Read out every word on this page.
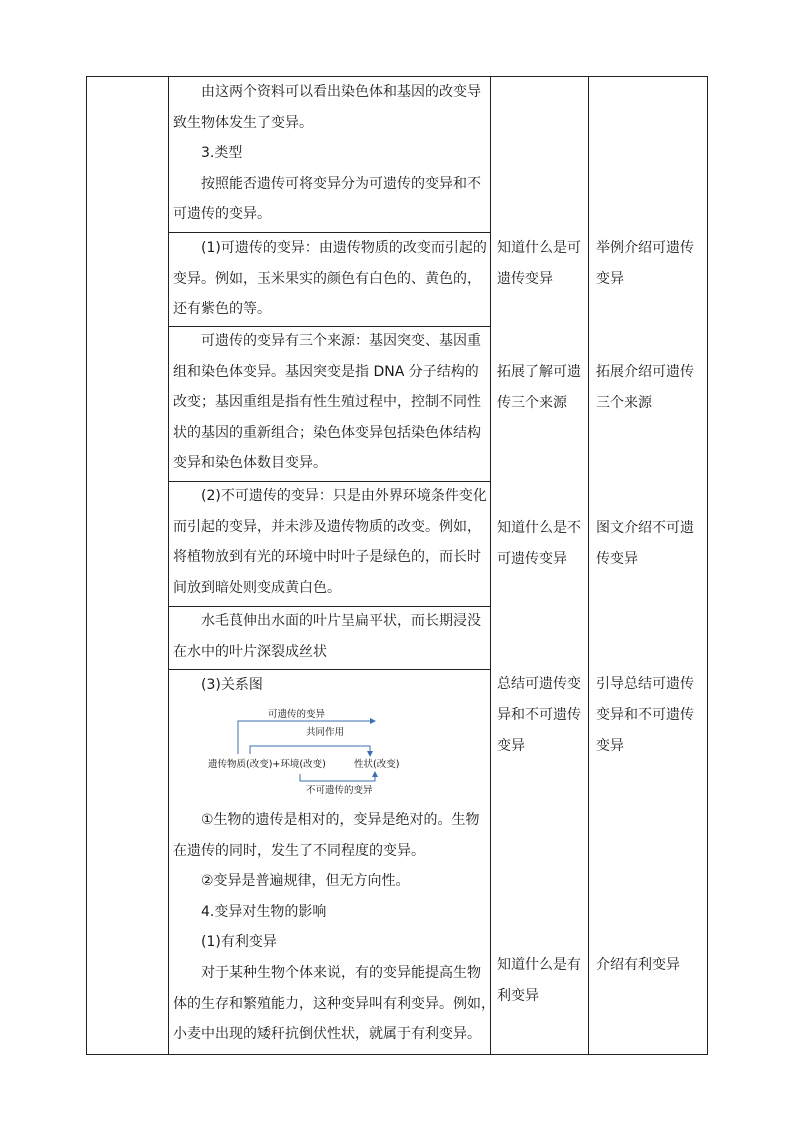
　　由这两个资料可以看出染色体和基因的改变导
致生物体发生了变异。
　　3.类型
　　按照能否遗传可将变异分为可遗传的变异和不
可遗传的变异。
　　(1)可遗传的变异：由遗传物质的改变而引起的
变异。例如，玉米果实的颜色有白色的、黄色的，
还有紫色的等。
　　可遗传的变异有三个来源：基因突变、基因重
组和染色体变异。基因突变是指 DNA 分子结构的
改变；基因重组是指有性生殖过程中，控制不同性
状的基因的重新组合；染色体变异包括染色体结构
变异和染色体数目变异。
　　(2)不可遗传的变异：只是由外界环境条件变化
而引起的变异，并未涉及遗传物质的改变。例如，
将植物放到有光的环境中时叶子是绿色的，而长时
间放到暗处则变成黄白色。
　　水毛茛伸出水面的叶片呈扁平状，而长期浸没
在水中的叶片深裂成丝状
　　(3)关系图
可遗传的变异
共同作用
遗传物质(改变)+环境(改变)	性状(改变)
不可遗传的变异
　　①生物的遗传是相对的，变异是绝对的。生物
在遗传的同时，发生了不同程度的变异。
　　②变异是普遍规律，但无方向性。
　　4.变异对生物的影响
　　(1)有利变异
　　对于某种生物个体来说，有的变异能提高生物
体的生存和繁殖能力，这种变异叫有利变异。例如，
小麦中出现的矮秆抗倒伏性状，就属于有利变异。
知道什么是可
遗传变异
拓展了解可遗
传三个来源
知道什么是不
可遗传变异
总结可遗传变
异和不可遗传
变异
知道什么是有
利变异
举例介绍可遗传
变异
拓展介绍可遗传
三个来源
图文介绍不可遗
传变异
引导总结可遗传
变异和不可遗传
变异
介绍有利变异
